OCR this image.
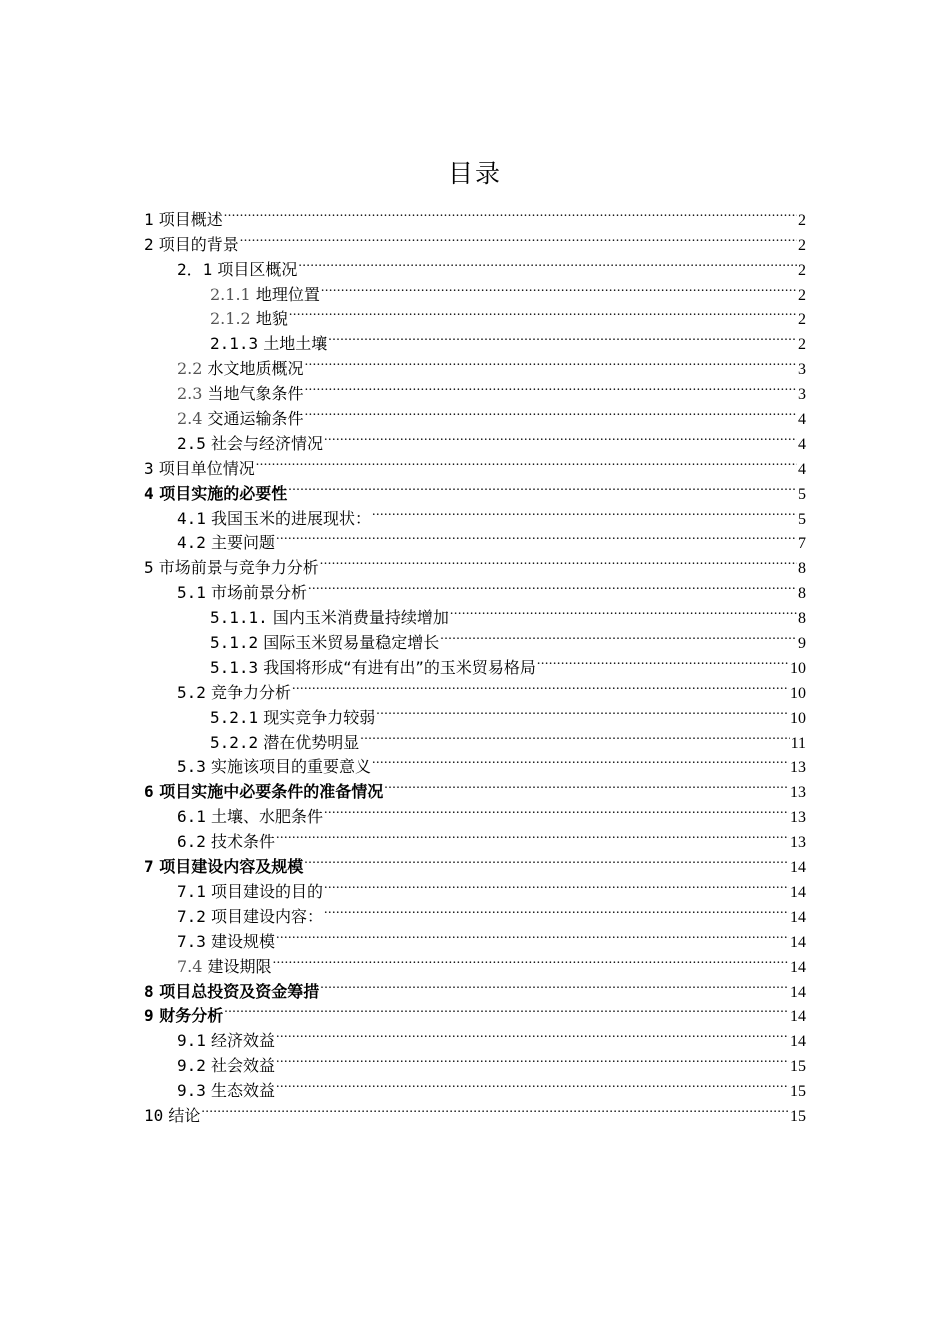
目录
1 项目概述 .....	2
2 项目的背景 .....	2
2．1 项目区概况 .....	2
2.1.1 地理位置 .....	2
2.1.2 地貌 .....	2
2.1.3 土地土壤 .....	2
2.2 水文地质概况 .....	3
2.3 当地气象条件 .....	3
2.4 交通运输条件 .....	4
2.5 社会与经济情况 .....	4
3 项目单位情况 .....	4
4 项目实施的必要性 .....	5
4.1 我国玉米的进展现状： .....	5
4.2 主要问题 .....	7
5 市场前景与竞争力分析 .....	8
5.1 市场前景分析 .....	8
5.1.1. 国内玉米消费量持续增加 .....	8
5.1.2 国际玉米贸易量稳定增长 .....	9
5.1.3 我国将形成“有进有出”的玉米贸易格局 .....	10
5.2 竞争力分析 .....	10
5.2.1 现实竞争力较弱 .....	10
5.2.2 潜在优势明显 .....	11
5.3 实施该项目的重要意义 .....	13
6 项目实施中必要条件的准备情况 .....	13
6.1 土壤、水肥条件 .....	13
6.2 技术条件 .....	13
7 项目建设内容及规模 .....	14
7.1 项目建设的目的 .....	14
7.2 项目建设内容： .....	14
7.3 建设规模 .....	14
7.4 建设期限 .....	14
8 项目总投资及资金筹措 .....	14
9 财务分析 .....	14
9.1 经济效益 .....	14
9.2 社会效益 .....	15
9.3 生态效益 .....	15
10 结论 .....	15
